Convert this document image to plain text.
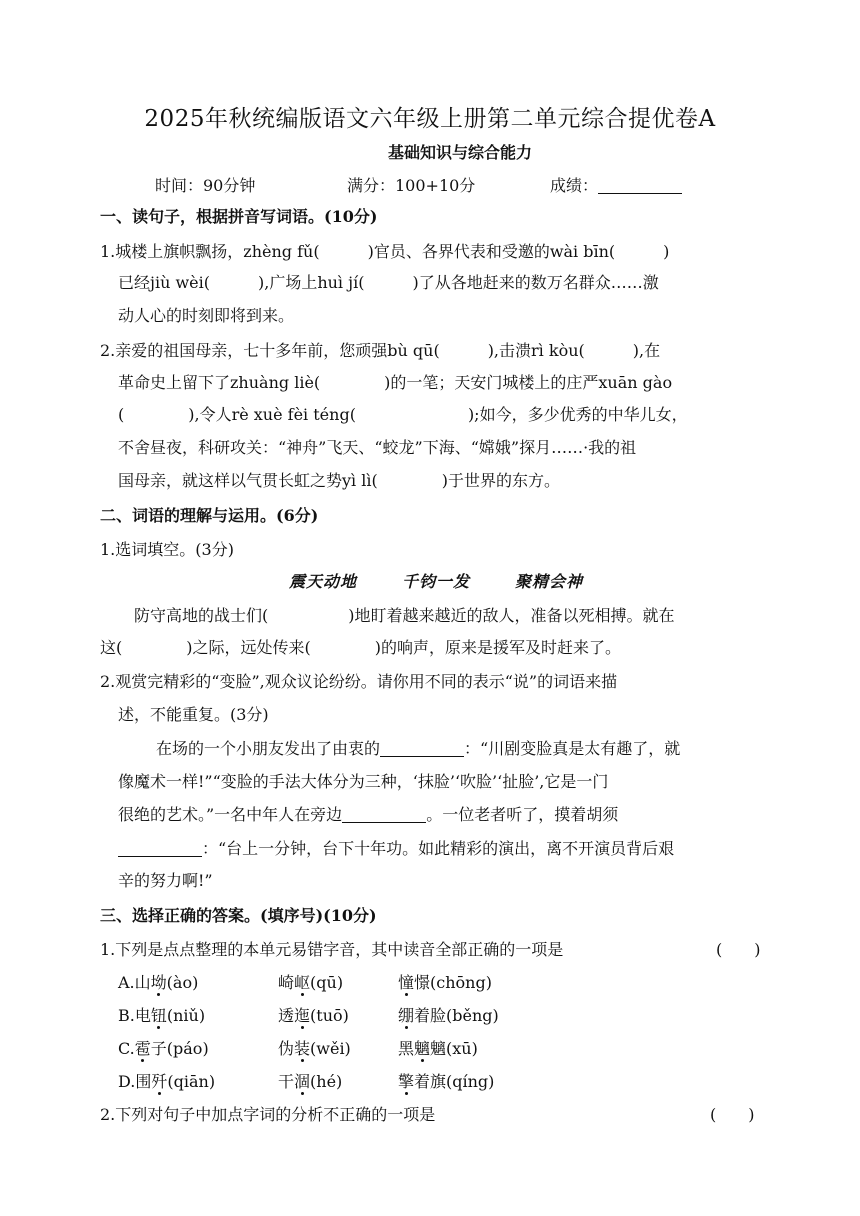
2025年秋统编版语文六年级上册第二单元综合提优卷A
基础知识与综合能力
时间：90分钟	满分：100+10分	成绩：
一、读句子，根据拼音写词语。(10分)
1.城楼上旗帜飘扬，zhèng fǔ(　　　)官员、各界代表和受邀的wài bīn(　　　)
已经jiù wèi(　　　),广场上huì jí(　　　)了从各地赶来的数万名群众……激
动人心的时刻即将到来。
2.亲爱的祖国母亲，七十多年前，您顽强bù qū(　　　),击溃rì kòu(　　　),在
革命史上留下了zhuàng liè(　　　　)的一笔；天安门城楼上的庄严xuān gào
(　　　　),令人rè xuè fèi téng(　　　　　　　);如今，多少优秀的中华儿女，
不舍昼夜，科研攻关：“神舟”飞天、“蛟龙”下海、“嫦娥”探月……·我的祖
国母亲，就这样以气贯长虹之势yì lì(　　　　)于世界的东方。
二、词语的理解与运用。(6分)
1.选词填空。(3分)
震天动地	千钧一发	聚精会神
防守高地的战士们(　　　　　)地盯着越来越近的敌人，准备以死相搏。就在
这(　　　　)之际，远处传来(　　　　)的响声，原来是援军及时赶来了。
2.观赏完精彩的“变脸”,观众议论纷纷。请你用不同的表示“说”的词语来描
述，不能重复。(3分)
在场的一个小朋友发出了由衷的	：“川剧变脸真是太有趣了，就
像魔术一样!”“变脸的手法大体分为三种，‘抹脸’‘吹脸’‘扯脸’,它是一门
很绝的艺术。”一名中年人在旁边	。一位老者听了，摸着胡须
：“台上一分钟，台下十年功。如此精彩的演出，离不开演员背后艰
辛的努力啊!”
三、选择正确的答案。(填序号)(10分)
1.下列是点点整理的本单元易错字音，其中读音全部正确的一项是	(　　)
A.山坳(ào)	崎岖(qū)	憧憬(chōng)
B.电钮(niǔ)	透迤(tuō)	绷着脸(běng)
C.雹子(páo)	伪装(wěi)	黑魑魑(xū)
D.围歼(qiān)	干涸(hé)	擎着旗(qíng)
2.下列对句子中加点字词的分析不正确的一项是	(　　)
